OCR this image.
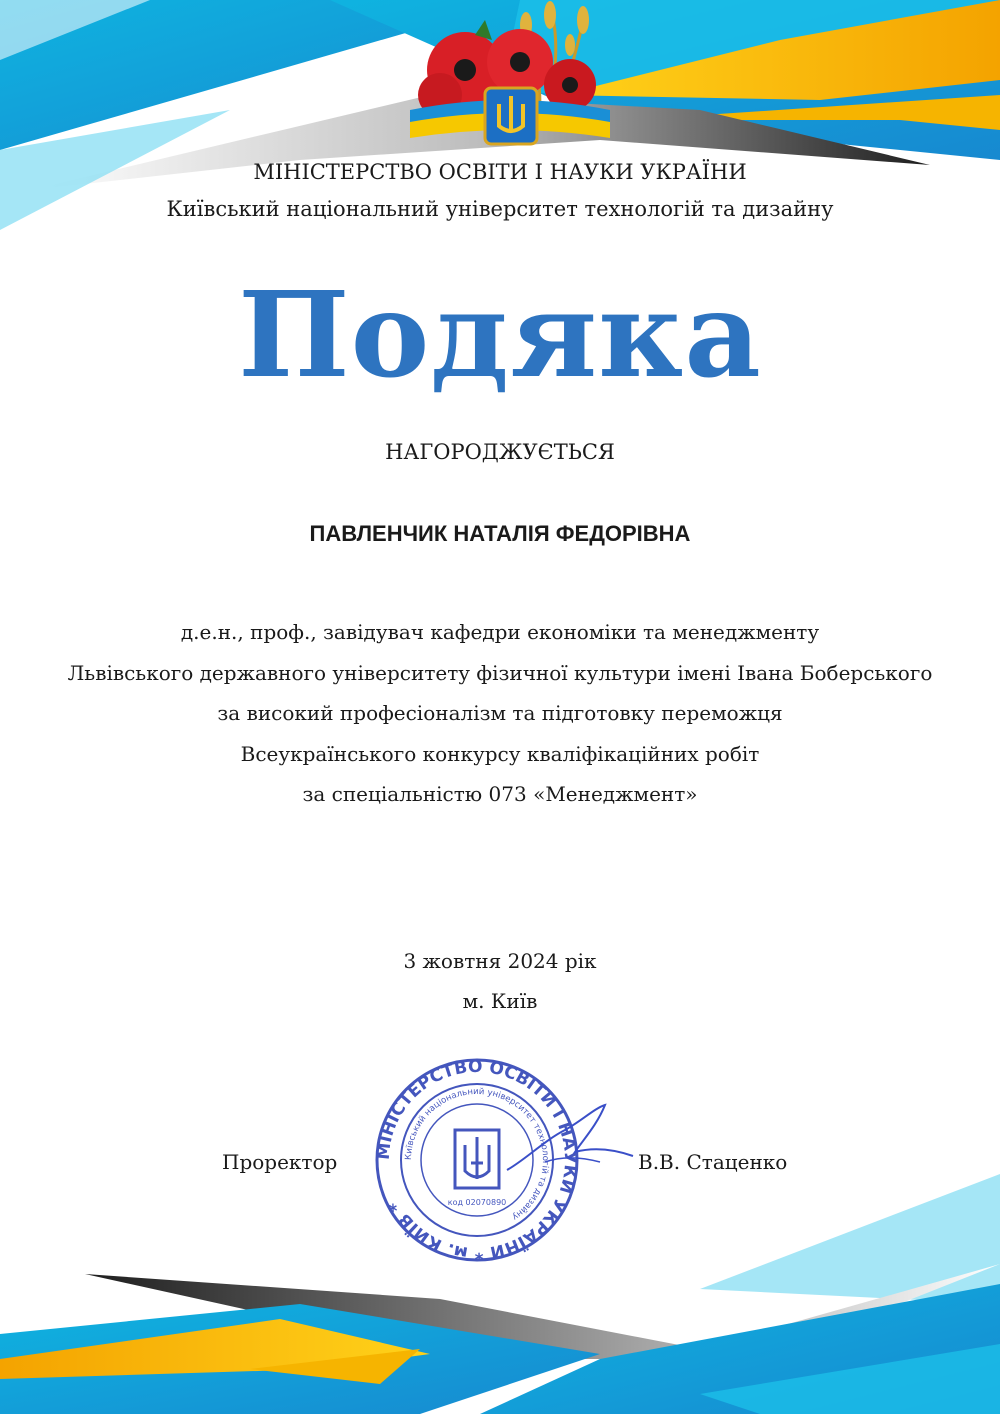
МІНІСТЕРСТВО ОСВІТИ І НАУКИ УКРАЇНИ
Київський національний університет технологій та дизайну
Подяка
НАГОРОДЖУЄТЬСЯ
ПАВЛЕНЧИК НАТАЛІЯ ФЕДОРІВНА
д.е.н., проф., завідувач кафедри економіки та менеджменту
Львівського державного університету фізичної культури імені Івана Боберського
за високий професіоналізм та підготовку переможця
Всеукраїнського конкурсу кваліфікаційних робіт
за спеціальністю 073 «Менеджмент»
3 жовтня 2024 рік
м. Київ
Проректор	В.В. Стаценко
МІНІСТЕРСТВО ОСВІТИ І НАУКИ УКРАЇНИ * м. КИЇВ *
Київський національний університет технологій та дизайну
код 02070890
